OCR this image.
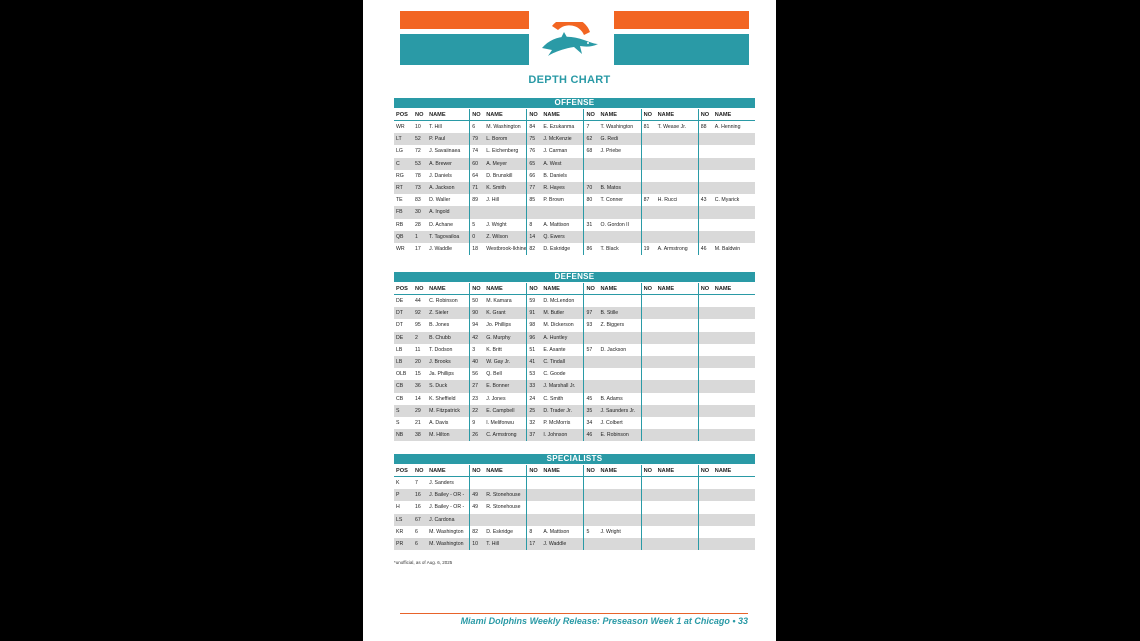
DEPTH CHART
OFFENSE
POS	NO	NAME	NO	NAME	NO	NAME	NO	NAME	NO	NAME	NO	NAME
WR	10	T. Hill	6	M. Washington	84	E. Ezukanma	7	T. Washington	81	T. Wease Jr.	88	A. Henning
LT	52	P. Paul	79	L. Borom	75	J. McKenzie	62	G. Redi				
LG	72	J. Savaiinaea	74	L. Eichenberg	76	J. Carman	68	J. Priebe				
C	53	A. Brewer	60	A. Meyer	65	A. West						
RG	78	J. Daniels	64	D. Brunskill	66	B. Daniels						
RT	73	A. Jackson	71	K. Smith	77	R. Hayes	70	B. Matos				
TE	83	D. Waller	89	J. Hill	85	P. Brown	80	T. Conner	87	H. Rucci	43	C. Myarick
FB	30	A. Ingold										
RB	28	D. Achane	5	J. Wright	8	A. Mattison	31	O. Gordon II				
QB	1	T. Tagovailoa	0	Z. Wilson	14	Q. Ewers						
WR	17	J. Waddle	18	Westbrook-Ikhine	82	D. Eskridge	86	T. Black	19	A. Armstrong	46	M. Baldwin
DEFENSE
POS	NO	NAME	NO	NAME	NO	NAME	NO	NAME	NO	NAME	NO	NAME
DE	44	C. Robinson	50	M. Kamara	59	D. McLendon						
DT	92	Z. Sieler	90	K. Grant	91	M. Butler	97	B. Stille				
DT	95	B. Jones	94	Jo. Phillips	98	M. Dickerson	93	Z. Biggers				
DE	2	B. Chubb	42	G. Murphy	96	A. Huntley						
LB	11	T. Dodson	3	K. Britt	51	E. Asante	57	D. Jackson				
LB	20	J. Brooks	40	W. Gay Jr.	41	C. Tindall						
OLB	15	Ja. Phillips	56	Q. Bell	53	C. Goode						
CB	36	S. Duck	27	E. Bonner	33	J. Marshall Jr.						
CB	14	K. Sheffield	23	J. Jones	24	C. Smith	45	B. Adams				
S	29	M. Fitzpatrick	22	E. Campbell	25	D. Trader Jr.	35	J. Saunders Jr.				
S	21	A. Davis	9	I. Melifonwu	32	P. McMorris	34	J. Colbert				
NB	38	M. Hilton	26	C. Armstrong	37	I. Johnson	46	E. Robinson				
SPECIALISTS
POS	NO	NAME	NO	NAME	NO	NAME	NO	NAME	NO	NAME	NO	NAME
K	7	J. Sanders										
P	16	J. Bailey - OR -	49	R. Stonehouse								
H	16	J. Bailey - OR -	49	R. Stonehouse								
LS	67	J. Cardona										
KR	6	M. Washington	82	D. Eskridge	8	A. Mattison	5	J. Wright				
PR	6	M. Washington	10	T. Hill	17	J. Waddle						
*unofficial, as of Aug. 6, 2025
Miami Dolphins Weekly Release: Preseason Week 1 at Chicago • 33
